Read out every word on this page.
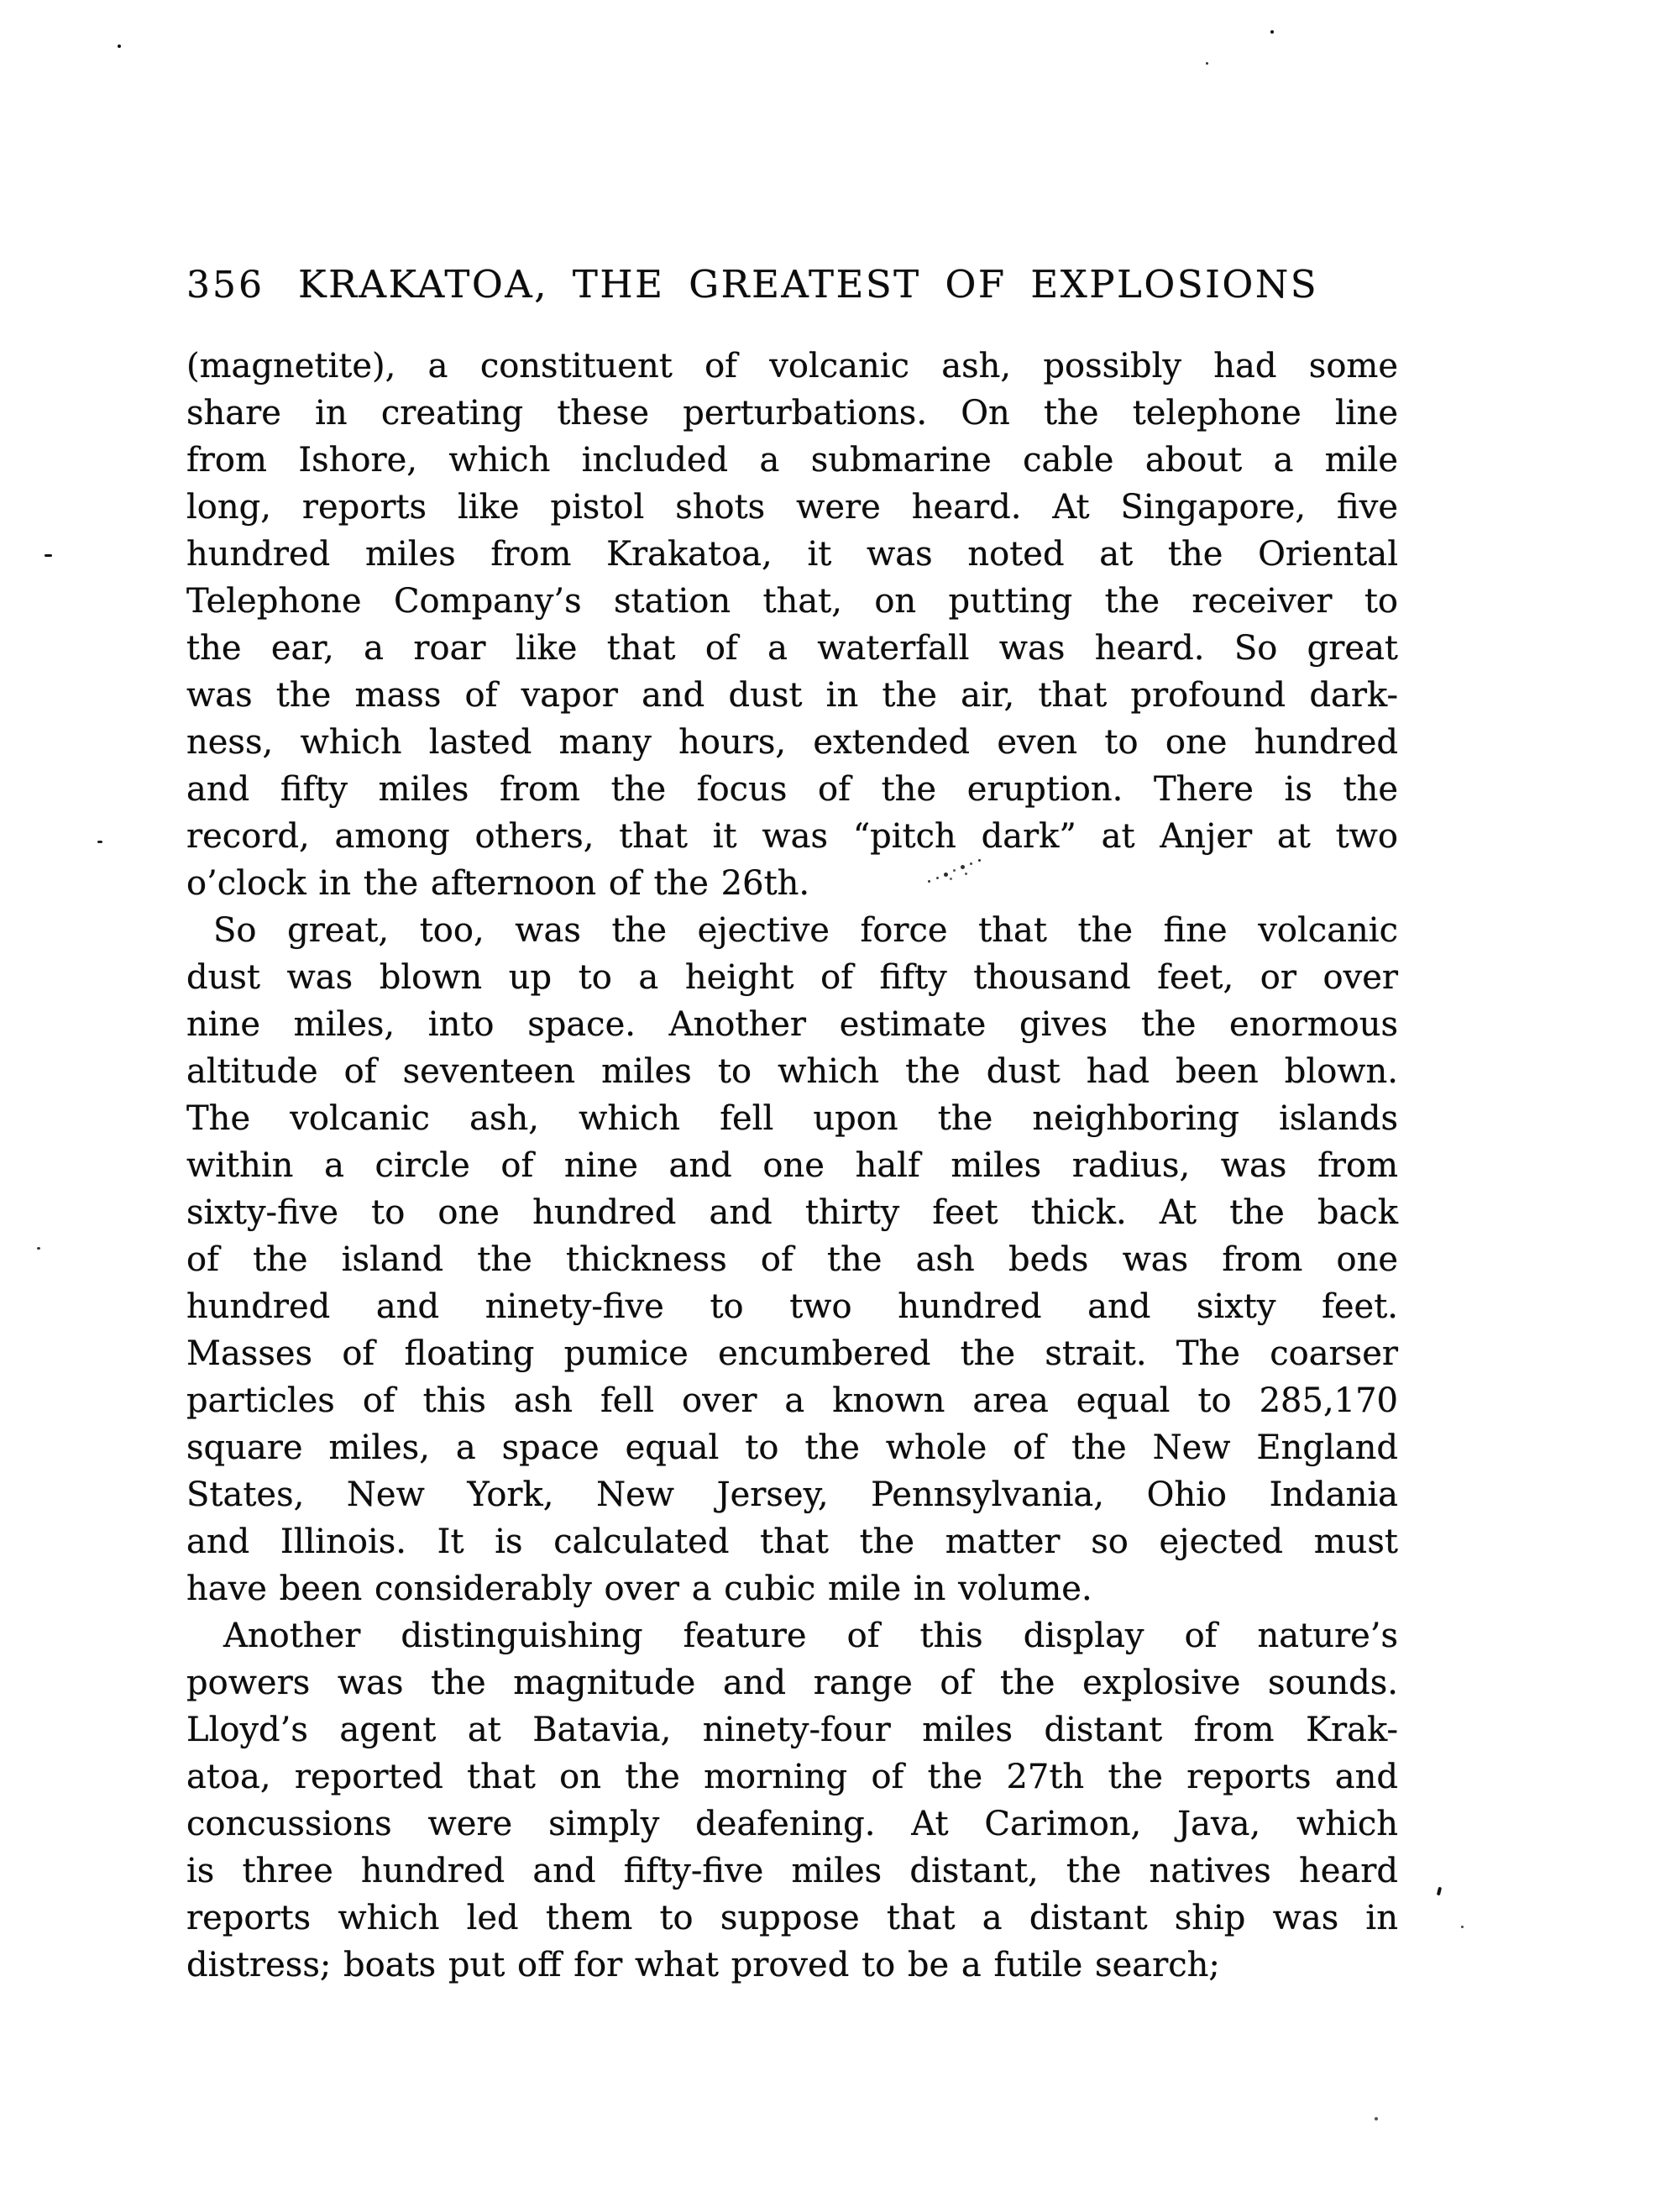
356 KRAKATOA, THE GREATEST OF EXPLOSIONS
(magnetite), a constituent of volcanic ash, possibly had some
share in creating these perturbations. On the telephone line
from Ishore, which included a submarine cable about a mile
long, reports like pistol shots were heard. At Singapore, five
hundred miles from Krakatoa, it was noted at the Oriental
Telephone Company’s station that, on putting the receiver to
the ear, a roar like that of a waterfall was heard. So great
was the mass of vapor and dust in the air, that profound dark-
ness, which lasted many hours, extended even to one hundred
and fifty miles from the focus of the eruption. There is the
record, among others, that it was “pitch dark” at Anjer at two
o’clock in the afternoon of the 26th.
So great, too, was the ejective force that the fine volcanic
dust was blown up to a height of fifty thousand feet, or over
nine miles, into space. Another estimate gives the enormous
altitude of seventeen miles to which the dust had been blown.
The volcanic ash, which fell upon the neighboring islands
within a circle of nine and one half miles radius, was from
sixty-five to one hundred and thirty feet thick. At the back
of the island the thickness of the ash beds was from one
hundred and ninety-five to two hundred and sixty feet.
Masses of floating pumice encumbered the strait. The coarser
particles of this ash fell over a known area equal to 285,170
square miles, a space equal to the whole of the New England
States, New York, New Jersey, Pennsylvania, Ohio Indania
and Illinois. It is calculated that the matter so ejected must
have been considerably over a cubic mile in volume.
Another distinguishing feature of this display of nature’s
powers was the magnitude and range of the explosive sounds.
Lloyd’s agent at Batavia, ninety-four miles distant from Krak-
atoa, reported that on the morning of the 27th the reports and
concussions were simply deafening. At Carimon, Java, which
is three hundred and fifty-five miles distant, the natives heard
reports which led them to suppose that a distant ship was in
distress; boats put off for what proved to be a futile search;
